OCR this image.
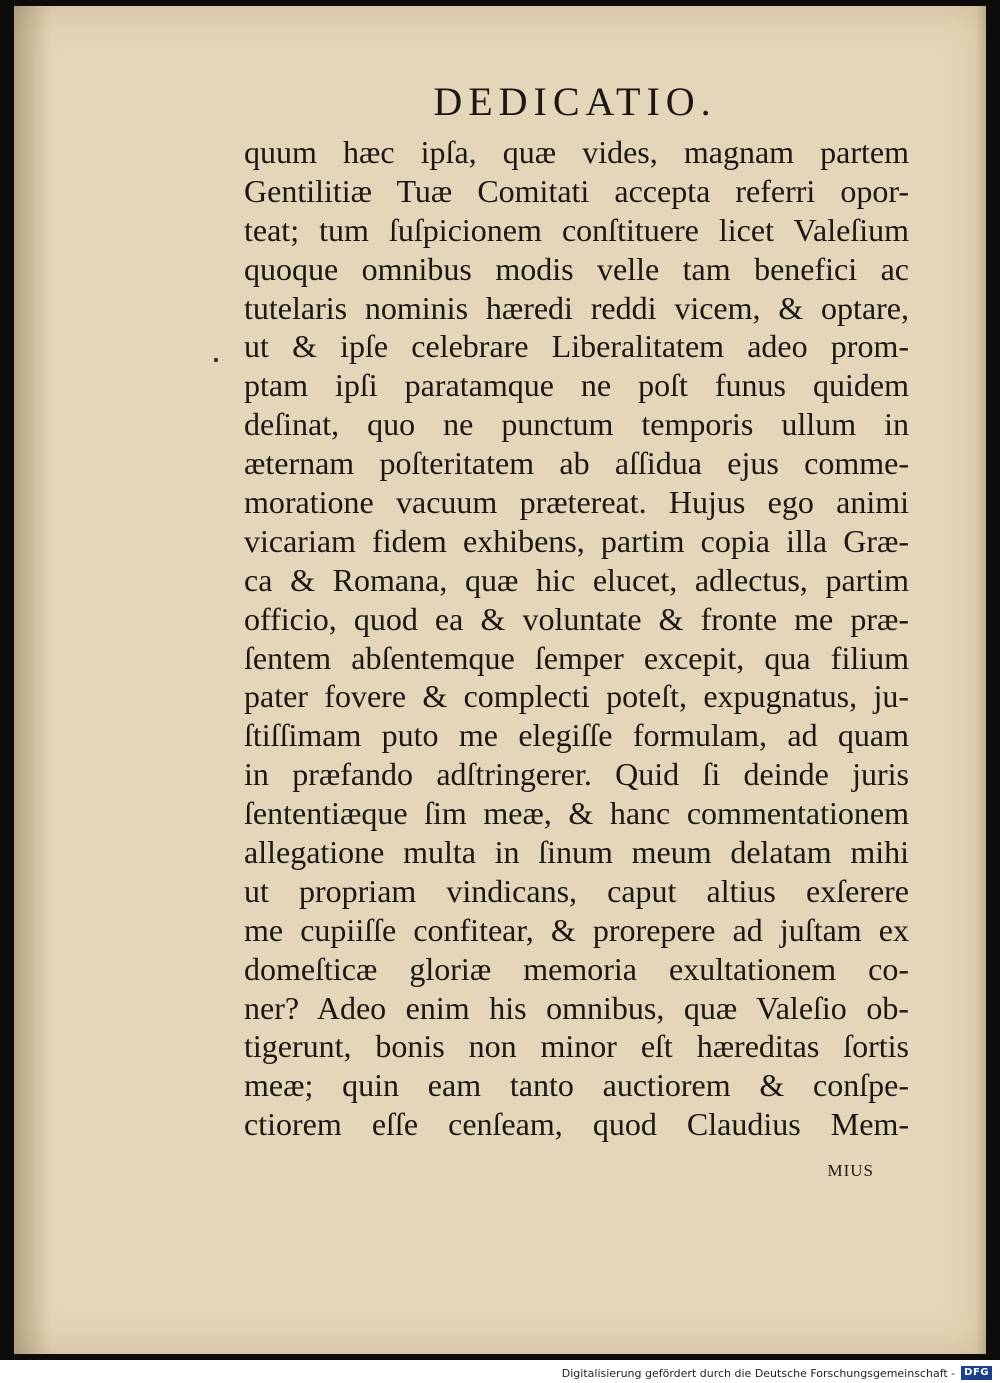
DEDICATIO.
quum hæc ipſa, quæ vides, magnam partem
Gentilitiæ Tuæ Comitati accepta referri opor-
teat; tum ſuſpicionem conſtituere licet Valeſium
quoque omnibus modis velle tam benefici ac
tutelaris nominis hæredi reddi vicem, & optare,
ut & ipſe celebrare Liberalitatem adeo prom-
ptam ipſi paratamque ne poſt funus quidem
deſinat, quo ne punctum temporis ullum in
æternam poſteritatem ab aſſidua ejus comme-
moratione vacuum prætereat. Hujus ego animi
vicariam fidem exhibens, partim copia illa Græ-
ca & Romana, quæ hic elucet, adlectus, partim
officio, quod ea & voluntate & fronte me præ-
ſentem abſentemque ſemper excepit, qua filium
pater fovere & complecti poteſt, expugnatus, ju-
ſtiſſimam puto me elegiſſe formulam, ad quam
in præfando adſtringerer. Quid ſi deinde juris
ſententiæque ſim meæ, & hanc commentationem
allegatione multa in ſinum meum delatam mihi
ut propriam vindicans, caput altius exſerere
me cupiiſſe confitear, & prorepere ad juſtam ex
domeſticæ gloriæ memoria exultationem co-
ner? Adeo enim his omnibus, quæ Valeſio ob-
tigerunt, bonis non minor eſt hæreditas ſortis
meæ; quin eam tanto auctiorem & conſpe-
ctiorem eſſe cenſeam, quod Claudius Mem-
mius
Digitalisierung gefördert durch die Deutsche Forschungsgemeinschaft - DFG
